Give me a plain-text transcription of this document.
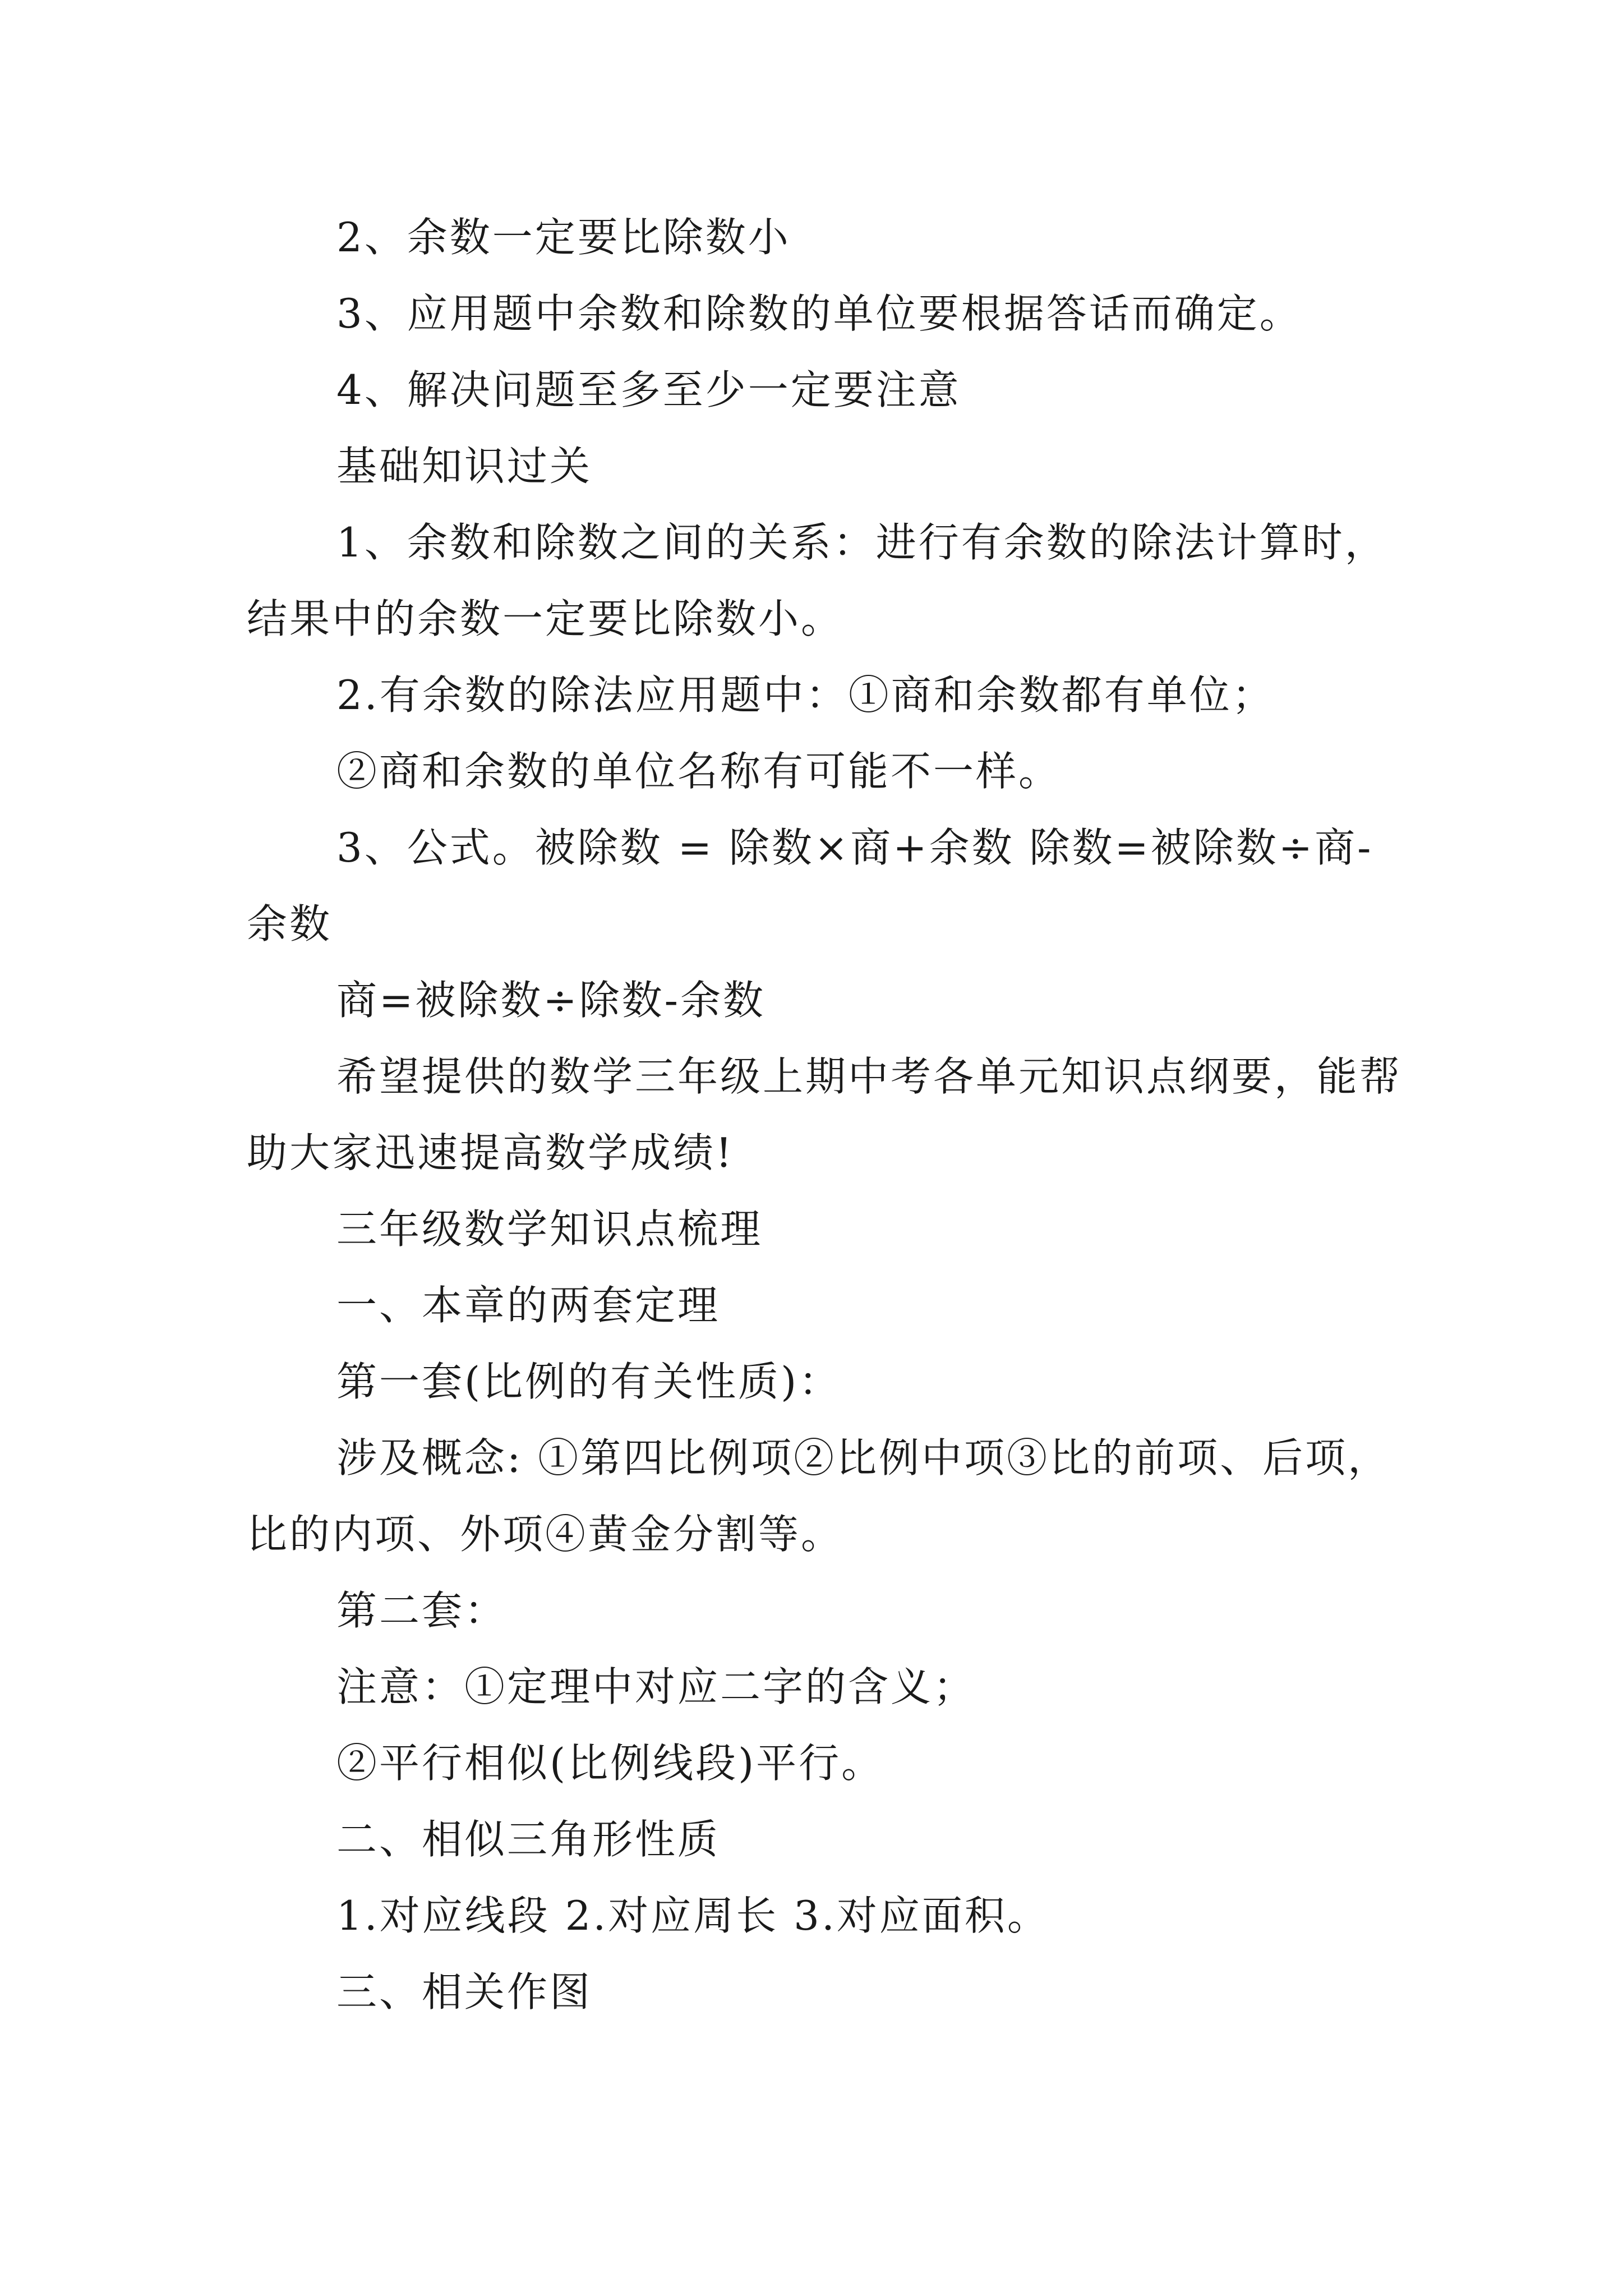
2、余数一定要比除数小

3、应用题中余数和除数的单位要根据答话而确定。

4、解决问题至多至少一定要注意

基础知识过关

1、余数和除数之间的关系：进行有余数的除法计算时，结果中的余数一定要比除数小。

2.有余数的除法应用题中：①商和余数都有单位；

②商和余数的单位名称有可能不一样。

3、公式。被除数 = 除数×商+余数 除数=被除数÷商-余数

商=被除数÷除数-余数

希望提供的数学三年级上期中考各单元知识点纲要，能帮助大家迅速提高数学成绩!

三年级数学知识点梳理

一、本章的两套定理

第一套(比例的有关性质)：

涉及概念: ①第四比例项②比例中项③比的前项、后项，比的内项、外项④黄金分割等。

第二套：

注意：①定理中对应二字的含义；

②平行相似(比例线段)平行。

二、相似三角形性质

1.对应线段 2.对应周长 3.对应面积。

三、相关作图
